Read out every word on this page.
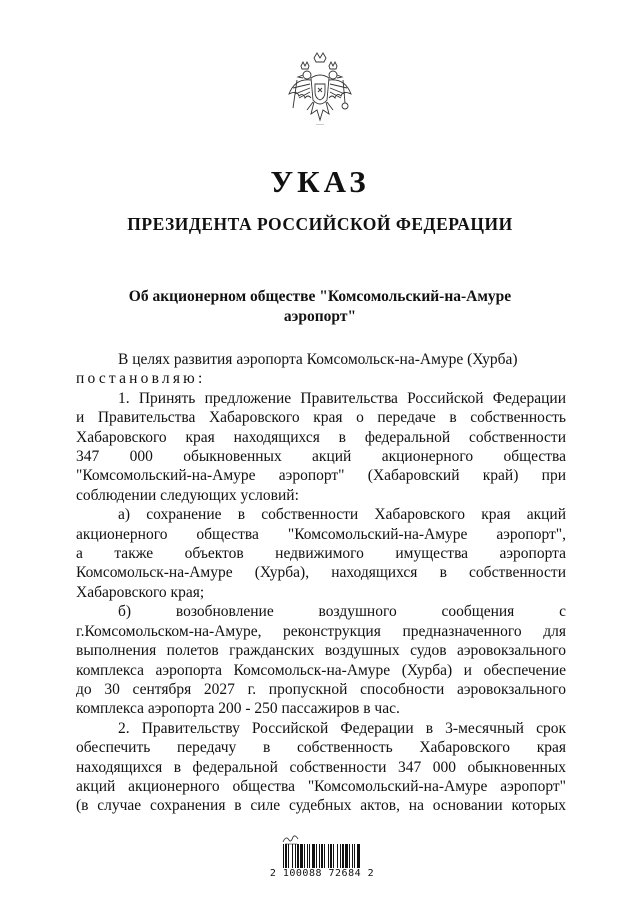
УКАЗ
ПРЕЗИДЕНТА РОССИЙСКОЙ ФЕДЕРАЦИИ
Об акционерном обществе "Комсомольский-на-Амуре
аэропорт"
В целях развития аэропорта Комсомольск-на-Амуре (Хурба)
постановляю:
1. Принять предложение Правительства Российской Федерации
и Правительства Хабаровского края о передаче в собственность
Хабаровского края находящихся в федеральной собственности
347 000 обыкновенных акций акционерного общества
"Комсомольский-на-Амуре аэропорт" (Хабаровский край) при
соблюдении следующих условий:
а) сохранение в собственности Хабаровского края акций
акционерного общества "Комсомольский-на-Амуре аэропорт",
а также объектов недвижимого имущества аэропорта
Комсомольск-на-Амуре (Хурба), находящихся в собственности
Хабаровского края;
б) возобновление воздушного сообщения с
г.Комсомольском-на-Амуре, реконструкция предназначенного для
выполнения полетов гражданских воздушных судов аэровокзального
комплекса аэропорта Комсомольск-на-Амуре (Хурба) и обеспечение
до 30 сентября 2027 г. пропускной способности аэровокзального
комплекса аэропорта 200 - 250 пассажиров в час.
2. Правительству Российской Федерации в 3-месячный срок
обеспечить передачу в собственность Хабаровского края
находящихся в федеральной собственности 347 000 обыкновенных
акций акционерного общества "Комсомольский-на-Амуре аэропорт"
(в случае сохранения в силе судебных актов, на основании которых
2 100088 72684 2
